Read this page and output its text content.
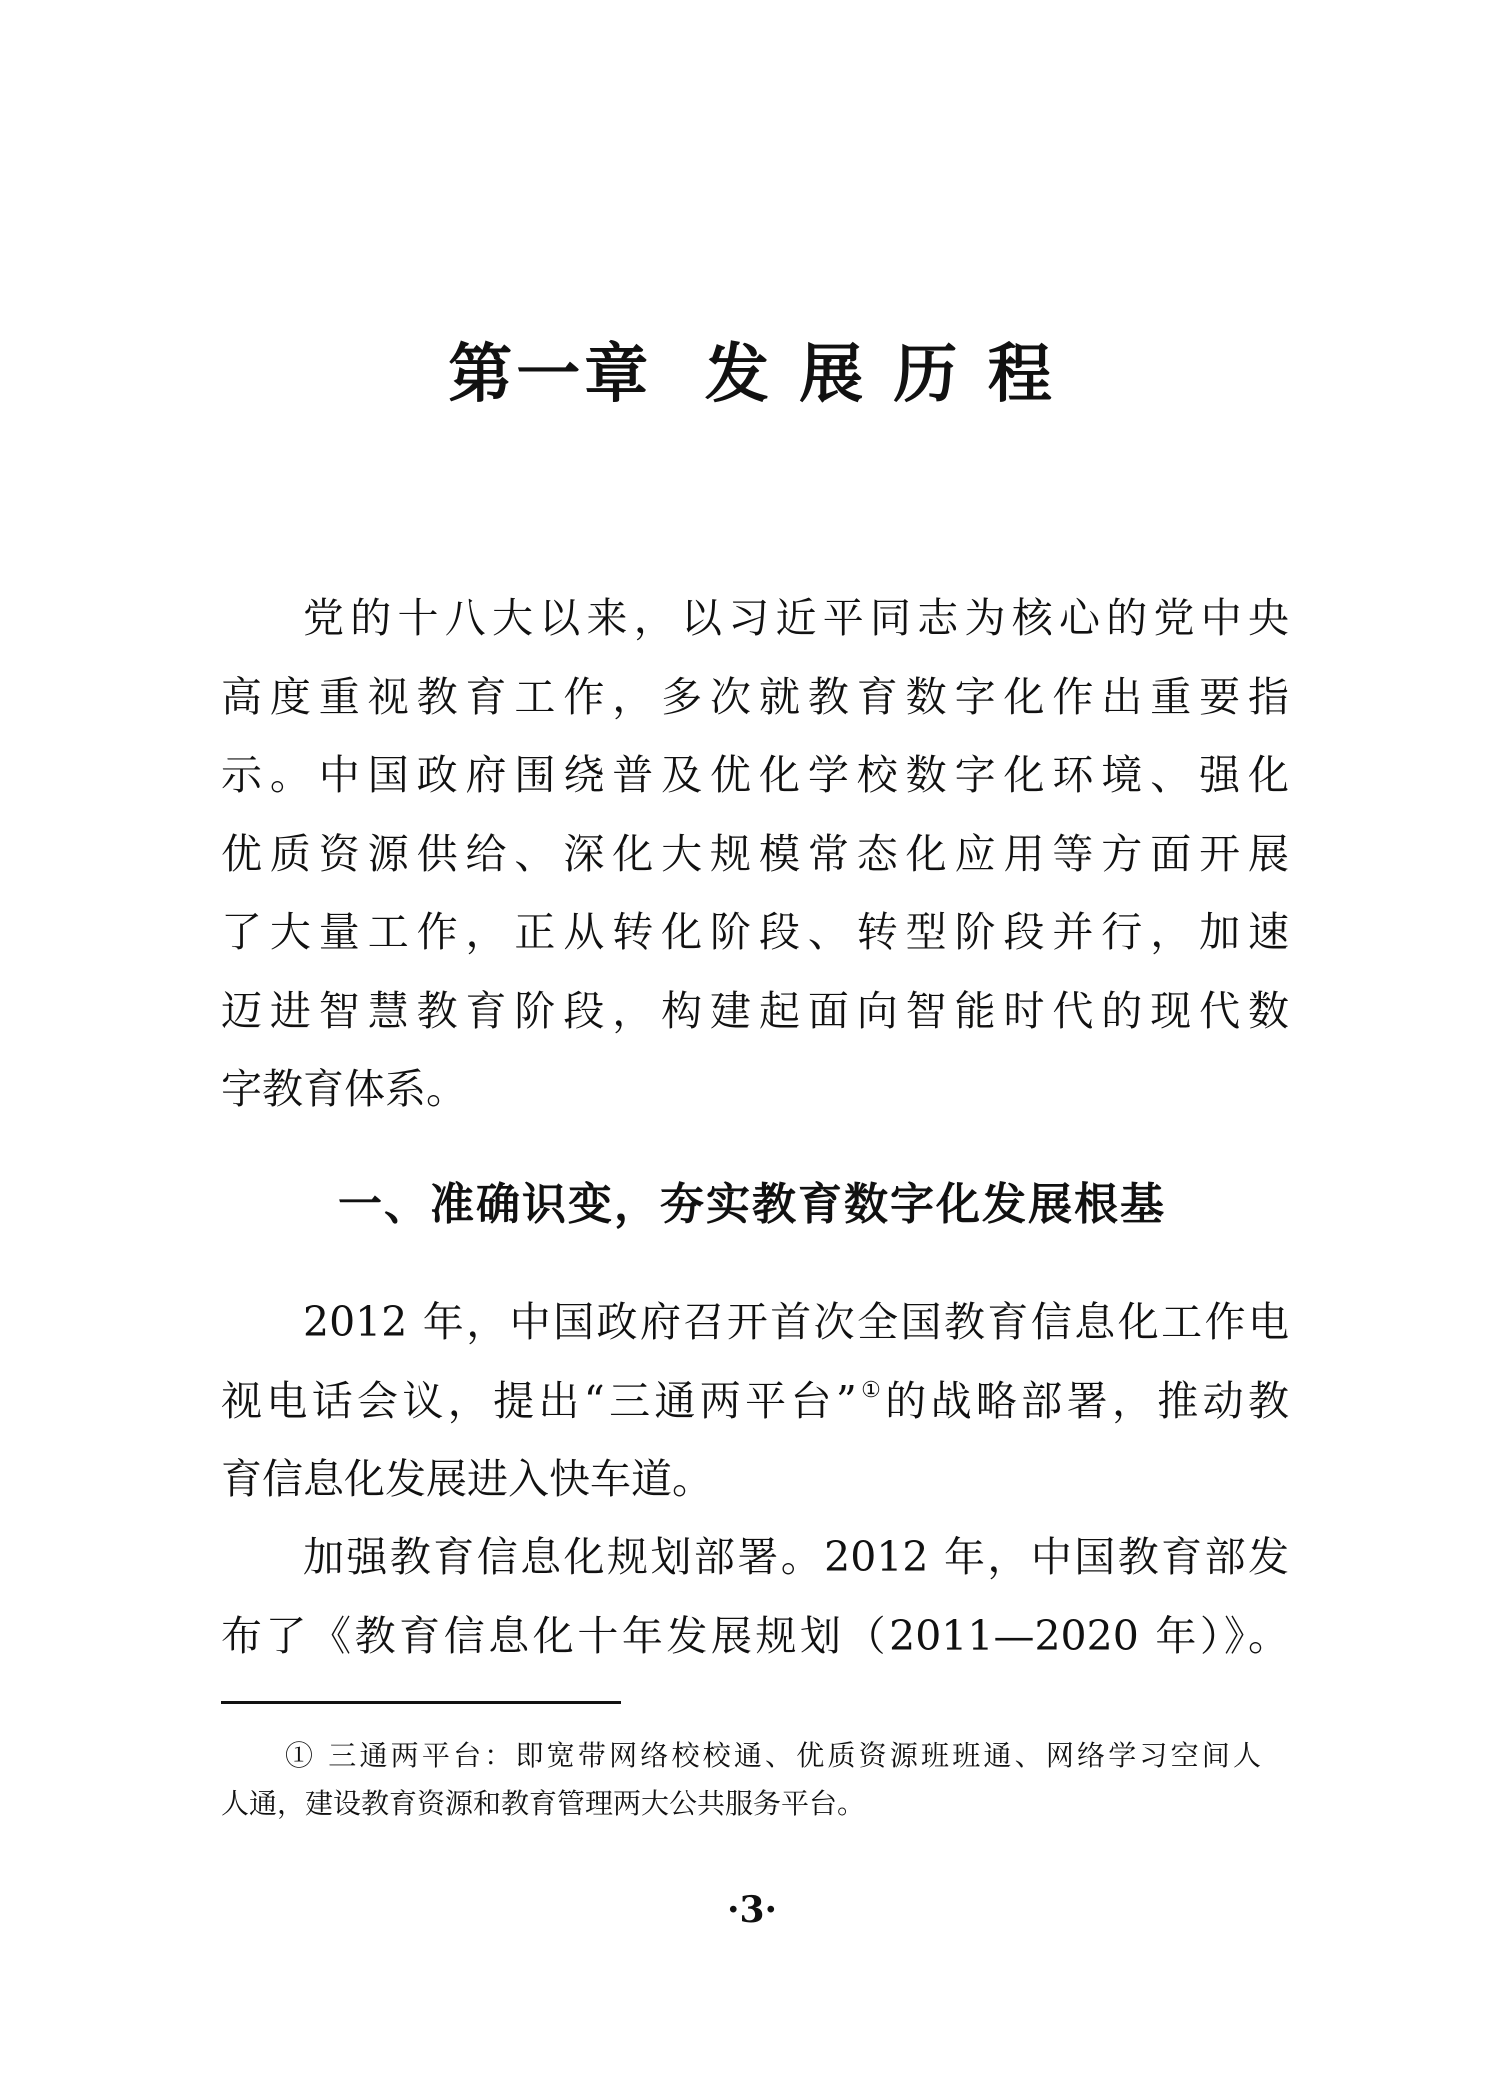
第一章  发 展 历 程
党的十八大以来，以习近平同志为核心的党中央
高度重视教育工作，多次就教育数字化作出重要指
示。中国政府围绕普及优化学校数字化环境、强化
优质资源供给、深化大规模常态化应用等方面开展
了大量工作，正从转化阶段、转型阶段并行，加速
迈进智慧教育阶段，构建起面向智能时代的现代数
字教育体系。
一、准确识变，夯实教育数字化发展根基
2012 年，中国政府召开首次全国教育信息化工作电
视电话会议，提出“三通两平台”①的战略部署，推动教
育信息化发展进入快车道。
加强教育信息化规划部署。2012 年，中国教育部发
布了《教育信息化十年发展规划（2011—2020 年）》。
① 三通两平台：即宽带网络校校通、优质资源班班通、网络学习空间人
人通，建设教育资源和教育管理两大公共服务平台。
·3·
